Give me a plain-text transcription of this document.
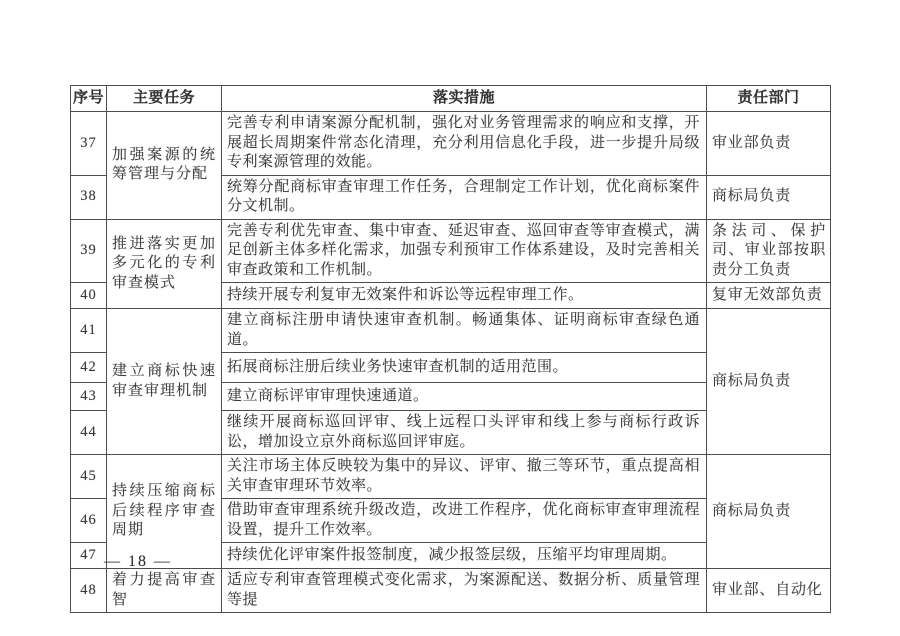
序号	主要任务	落实措施	责任部门
37	加强案源的统筹管理与分配	完善专利申请案源分配机制，强化对业务管理需求的响应和支撑，开展超长周期案件常态化清理，充分利用信息化手段，进一步提升局级专利案源管理的效能。	审业部负责
38		统筹分配商标审查审理工作任务，合理制定工作计划，优化商标案件分文机制。	商标局负责
39	推进落实更加多元化的专利审查模式	完善专利优先审查、集中审查、延迟审查、巡回审查等审查模式，满足创新主体多样化需求，加强专利预审工作体系建设，及时完善相关审查政策和工作机制。	条法司、保护司、审业部按职责分工负责
40		持续开展专利复审无效案件和诉讼等远程审理工作。	复审无效部负责
41	建立商标快速审查审理机制	建立商标注册申请快速审查机制。畅通集体、证明商标审查绿色通道。	商标局负责
42		拓展商标注册后续业务快速审查机制的适用范围。	
43		建立商标评审审理快速通道。	
44		继续开展商标巡回评审、线上远程口头评审和线上参与商标行政诉讼，增加设立京外商标巡回评审庭。	
45	持续压缩商标后续程序审查周期	关注市场主体反映较为集中的异议、评审、撤三等环节，重点提高相关审查审理环节效率。	商标局负责
46		借助审查审理系统升级改造，改进工作程序，优化商标审查审理流程设置，提升工作效率。	
47		持续优化评审案件报签制度，减少报签层级，压缩平均审理周期。	
48	着力提高审查智	适应专利审查管理模式变化需求，为案源配送、数据分析、质量管理等提	审业部、自动化
— 18 —
